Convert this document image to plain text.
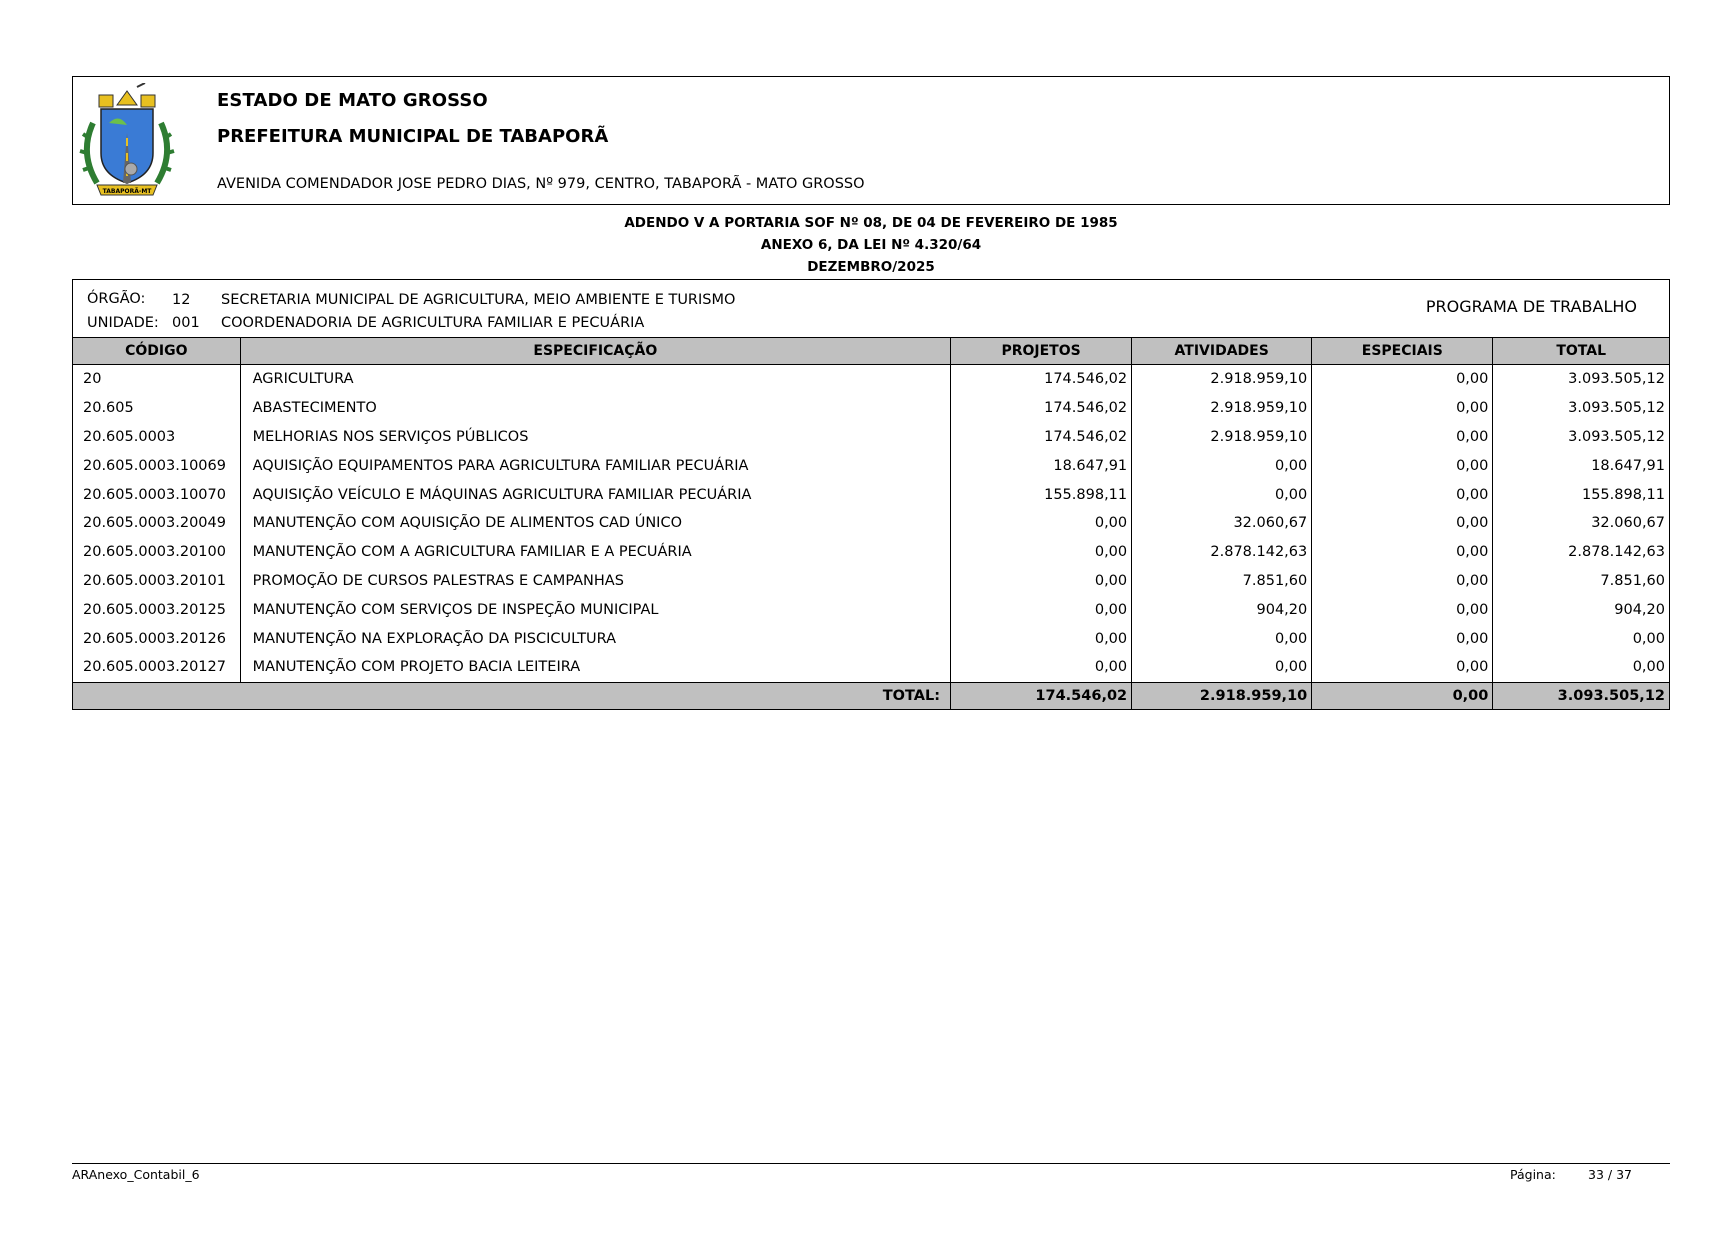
TABAPORÃ-MT
ESTADO DE MATO GROSSO
PREFEITURA MUNICIPAL DE TABAPORÃ
AVENIDA COMENDADOR JOSE PEDRO DIAS, Nº 979, CENTRO, TABAPORÃ - MATO GROSSO
ADENDO V A PORTARIA SOF Nº 08, DE 04 DE FEVEREIRO DE 1985
ANEXO 6, DA LEI Nº 4.320/64
DEZEMBRO/2025
ÓRGÃO: 12 SECRETARIA MUNICIPAL DE AGRICULTURA, MEIO AMBIENTE E TURISMO
UNIDADE: 001 COORDENADORIA DE AGRICULTURA FAMILIAR E PECUÁRIA
PROGRAMA DE TRABALHO
CÓDIGO	ESPECIFICAÇÃO	PROJETOS	ATIVIDADES	ESPECIAIS	TOTAL
20	AGRICULTURA	174.546,02	2.918.959,10	0,00	3.093.505,12
20.605	ABASTECIMENTO	174.546,02	2.918.959,10	0,00	3.093.505,12
20.605.0003	MELHORIAS NOS SERVIÇOS PÚBLICOS	174.546,02	2.918.959,10	0,00	3.093.505,12
20.605.0003.10069	AQUISIÇÃO EQUIPAMENTOS PARA AGRICULTURA FAMILIAR PECUÁRIA	18.647,91	0,00	0,00	18.647,91
20.605.0003.10070	AQUISIÇÃO VEÍCULO E MÁQUINAS AGRICULTURA FAMILIAR PECUÁRIA	155.898,11	0,00	0,00	155.898,11
20.605.0003.20049	MANUTENÇÃO COM AQUISIÇÃO DE ALIMENTOS CAD ÚNICO	0,00	32.060,67	0,00	32.060,67
20.605.0003.20100	MANUTENÇÃO COM A AGRICULTURA FAMILIAR E A PECUÁRIA	0,00	2.878.142,63	0,00	2.878.142,63
20.605.0003.20101	PROMOÇÃO DE CURSOS PALESTRAS E CAMPANHAS	0,00	7.851,60	0,00	7.851,60
20.605.0003.20125	MANUTENÇÃO COM SERVIÇOS DE INSPEÇÃO MUNICIPAL	0,00	904,20	0,00	904,20
20.605.0003.20126	MANUTENÇÃO NA EXPLORAÇÃO DA PISCICULTURA	0,00	0,00	0,00	0,00
20.605.0003.20127	MANUTENÇÃO COM PROJETO BACIA LEITEIRA	0,00	0,00	0,00	0,00
TOTAL:		174.546,02	2.918.959,10	0,00	3.093.505,12
ARAnexo_Contabil_6	Página:	33 / 37
